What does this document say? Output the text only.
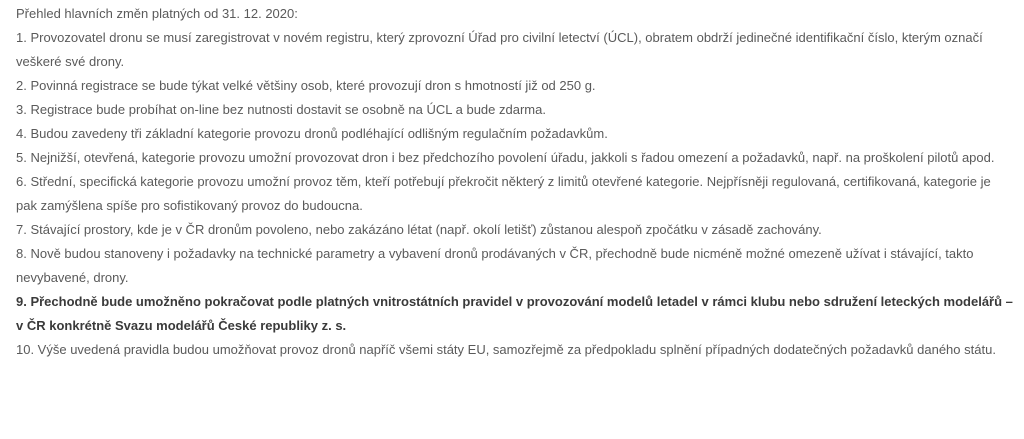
Přehled hlavních změn platných od 31. 12. 2020:

1. Provozovatel dronu se musí zaregistrovat v novém registru, který zprovozní Úřad pro civilní letectví (ÚCL), obratem obdrží jedinečné identifikační číslo, kterým označí veškeré své drony.

2. Povinná registrace se bude týkat velké většiny osob, které provozují dron s hmotností již od 250 g.

3. Registrace bude probíhat on-line bez nutnosti dostavit se osobně na ÚCL a bude zdarma.

4. Budou zavedeny tři základní kategorie provozu dronů podléhající odlišným regulačním požadavkům.

5. Nejnižší, otevřená, kategorie provozu umožní provozovat dron i bez předchozího povolení úřadu, jakkoli s řadou omezení a požadavků, např. na proškolení pilotů apod.

6. Střední, specifická kategorie provozu umožní provoz těm, kteří potřebují překročit některý z limitů otevřené kategorie. Nejpřísněji regulovaná, certifikovaná, kategorie je pak zamýšlena spíše pro sofistikovaný provoz do budoucna.

7. Stávající prostory, kde je v ČR dronům povoleno, nebo zakázáno létat (např. okolí letišť) zůstanou alespoň zpočátku v zásadě zachovány.

8. Nově budou stanoveny i požadavky na technické parametry a vybavení dronů prodávaných v ČR, přechodně bude nicméně možné omezeně užívat i stávající, takto nevybavené, drony.

9. Přechodně bude umožněno pokračovat podle platných vnitrostátních pravidel v provozování modelů letadel v rámci klubu nebo sdružení leteckých modelářů – v ČR konkrétně Svazu modelářů České republiky z. s.

10. Výše uvedená pravidla budou umožňovat provoz dronů napříč všemi státy EU, samozřejmě za předpokladu splnění případných dodatečných požadavků daného státu.
